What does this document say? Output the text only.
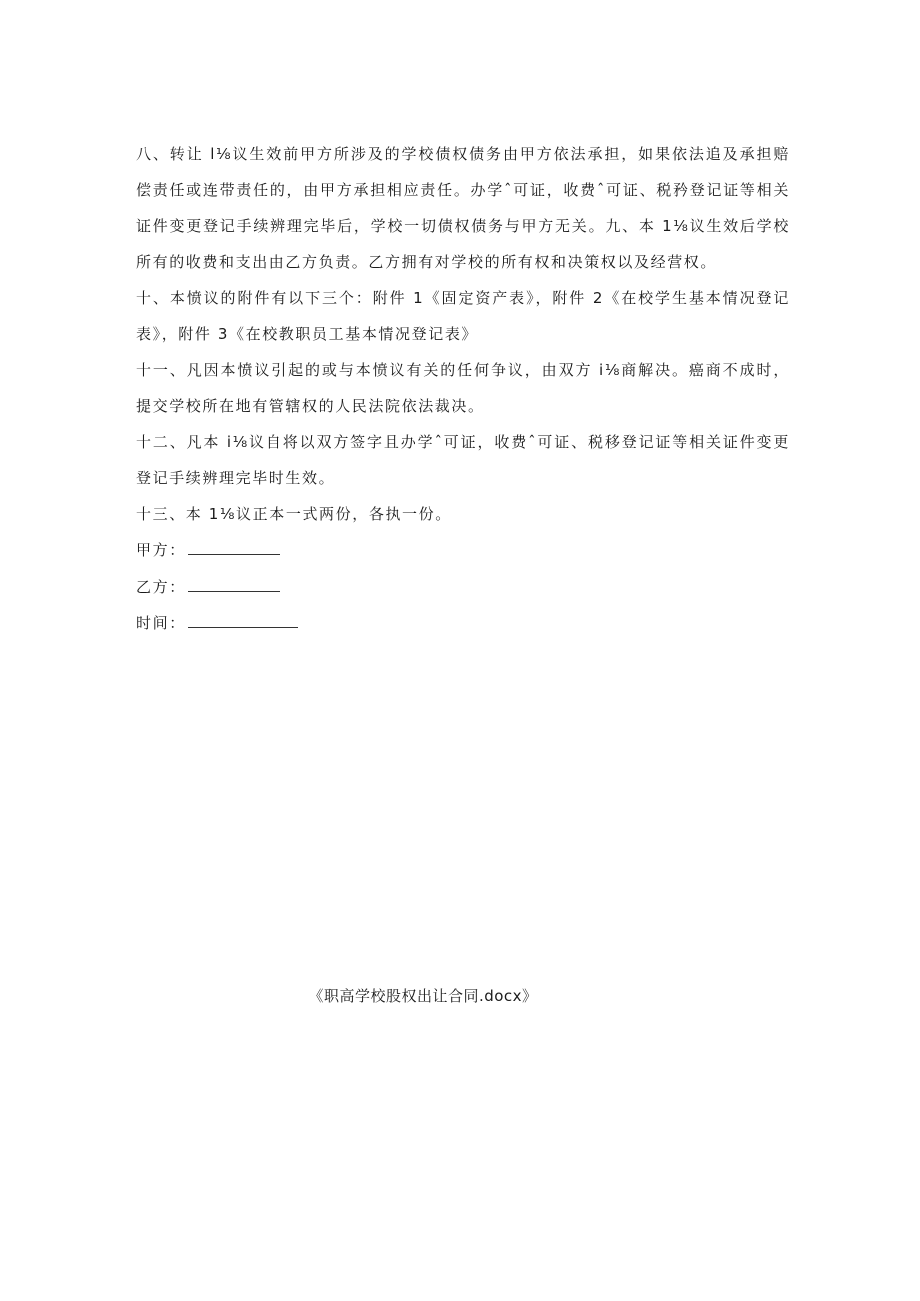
八、转让 l⅛议生效前甲方所涉及的学校债权债务由甲方依法承担，如果依法追及承担赔偿责任或连带责任的，由甲方承担相应责任。办学ˆ可证，收费ˆ可证、税矜登记证等相关证件变更登记手续辨理完毕后，学校一切债权债务与甲方无关。九、本 1⅛议生效后学校所有的收费和支出由乙方负责。乙方拥有对学校的所有权和决策权以及经营权。

十、本愤议的附件有以下三个：附件 1《固定资产表》，附件 2《在校学生基本情况登记表》，附件 3《在校教职员工基本情况登记表》

十一、凡因本愤议引起的或与本愤议有关的任何争议，由双方 i⅛商解决。癌商不成时，提交学校所在地有管辖权的人民法院依法裁决。

十二、凡本 i⅛议自将以双方签字且办学ˆ可证，收费ˆ可证、税移登记证等相关证件变更登记手续辨理完毕时生效。

十三、本 1⅛议正本一式两份，各执一份。

甲方：
乙方：
时间：
《职高学校股权出让合同.docx》
